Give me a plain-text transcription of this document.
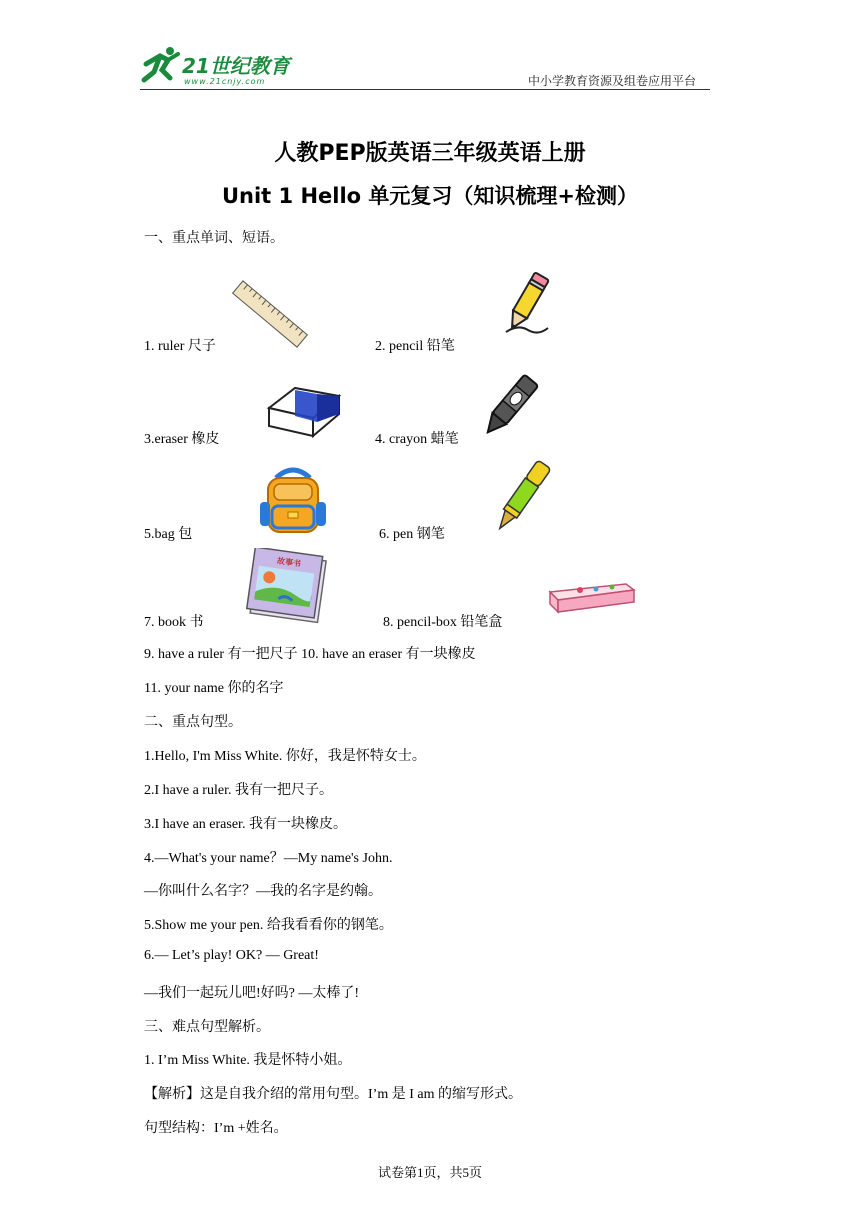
21世纪教育
www.21cnjy.com	中小学教育资源及组卷应用平台
人教PEP版英语三年级英语上册
Unit 1 Hello 单元复习（知识梳理+检测）
一、重点单词、短语。
1. ruler 尺子	2. pencil 铅笔
3.eraser 橡皮	4. crayon 蜡笔
5.bag 包	6. pen 钢笔
7. book 书	8. pencil-box 铅笔盒
9. have a ruler 有一把尺子 10. have an eraser 有一块橡皮
11. your name 你的名字
故事书
二、重点句型。
1.Hello, I'm Miss White. 你好，我是怀特女士。
2.I have a ruler. 我有一把尺子。
3.I have an eraser. 我有一块橡皮。
4.—What's your name？—My name's John.
—你叫什么名字？—我的名字是约翰。
5.Show me your pen. 给我看看你的钢笔。
6.— Let’s play! OK? — Great!
—我们一起玩儿吧!好吗? —太棒了!
三、难点句型解析。
1. I’m Miss White. 我是怀特小姐。
【解析】这是自我介绍的常用句型。I’m 是 I am 的缩写形式。
句型结构：I’m +姓名。
试卷第1页，共5页
